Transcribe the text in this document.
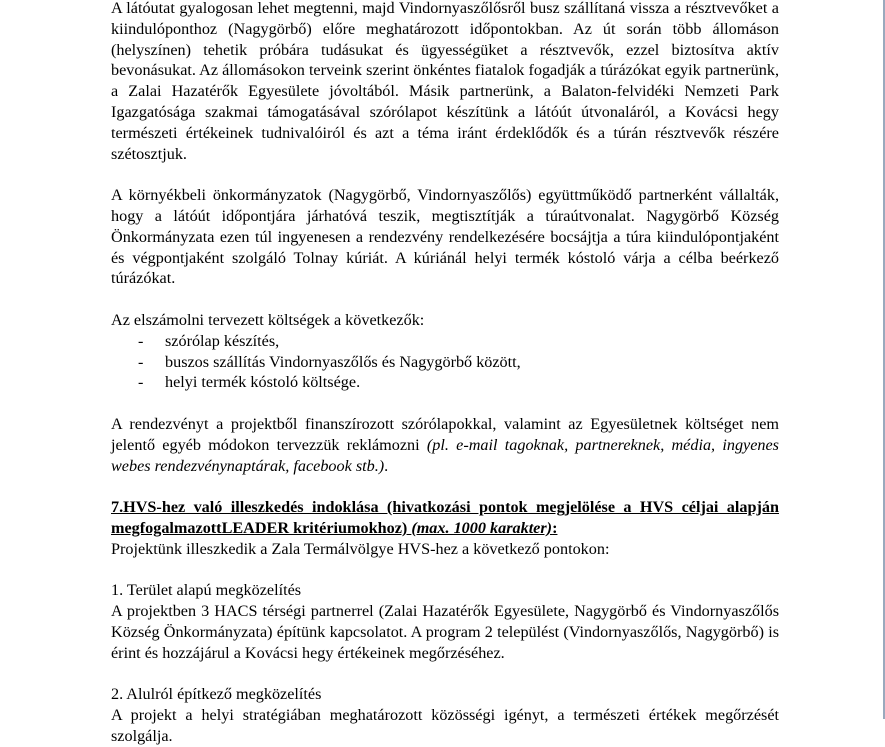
A látóutat gyalogosan lehet megtenni, majd Vindornyaszőlősről busz szállítaná vissza a résztvevőket a kiindulóponthoz (Nagygörbő) előre meghatározott időpontokban. Az út során több állomáson (helyszínen) tehetik próbára tudásukat és ügyességüket a résztvevők, ezzel biztosítva aktív bevonásukat. Az állomásokon terveink szerint önkéntes fiatalok fogadják a túrázókat egyik partnerünk, a Zalai Hazatérők Egyesülete jóvoltából. Másik partnerünk, a Balaton-felvidéki Nemzeti Park Igazgatósága szakmai támogatásával szórólapot készítünk a látóút útvonaláról, a Kovácsi hegy természeti értékeinek tudnivalóiról és azt a téma iránt érdeklődők és a túrán résztvevők részére szétosztjuk.

A környékbeli önkormányzatok (Nagygörbő, Vindornyaszőlős) együttműködő partnerként vállalták, hogy a látóút időpontjára járhatóvá teszik, megtisztítják a túraútvonalat. Nagygörbő Község Önkormányzata ezen túl ingyenesen a rendezvény rendelkezésére bocsájtja a túra kiindulópontjaként és végpontjaként szolgáló Tolnay kúriát. A kúriánál helyi termék kóstoló várja a célba beérkező túrázókat.

Az elszámolni tervezett költségek a következők:

- szórólap készítés,
- buszos szállítás Vindornyaszőlős és Nagygörbő között,
- helyi termék kóstoló költsége.

A rendezvényt a projektből finanszírozott szórólapokkal, valamint az Egyesületnek költséget nem jelentő egyéb módokon tervezzük reklámozni (pl. e-mail tagoknak, partnereknek, média, ingyenes webes rendezvénynaptárak, facebook stb.).

7.HVS-hez való illeszkedés indoklása (hivatkozási pontok megjelölése a HVS céljai alapján megfogalmazottLEADER kritériumokhoz) (max. 1000 karakter):

Projektünk illeszkedik a Zala Termálvölgye HVS-hez a következő pontokon:

1. Terület alapú megközelítés

A projektben 3 HACS térségi partnerrel (Zalai Hazatérők Egyesülete, Nagygörbő és Vindornyaszőlős Község Önkormányzata) építünk kapcsolatot. A program 2 települést (Vindornyaszőlős, Nagygörbő) is érint és hozzájárul a Kovácsi hegy értékeinek megőrzéséhez.

2. Alulról építkező megközelítés

A projekt a helyi stratégiában meghatározott közösségi igényt, a természeti értékek megőrzését szolgálja.
